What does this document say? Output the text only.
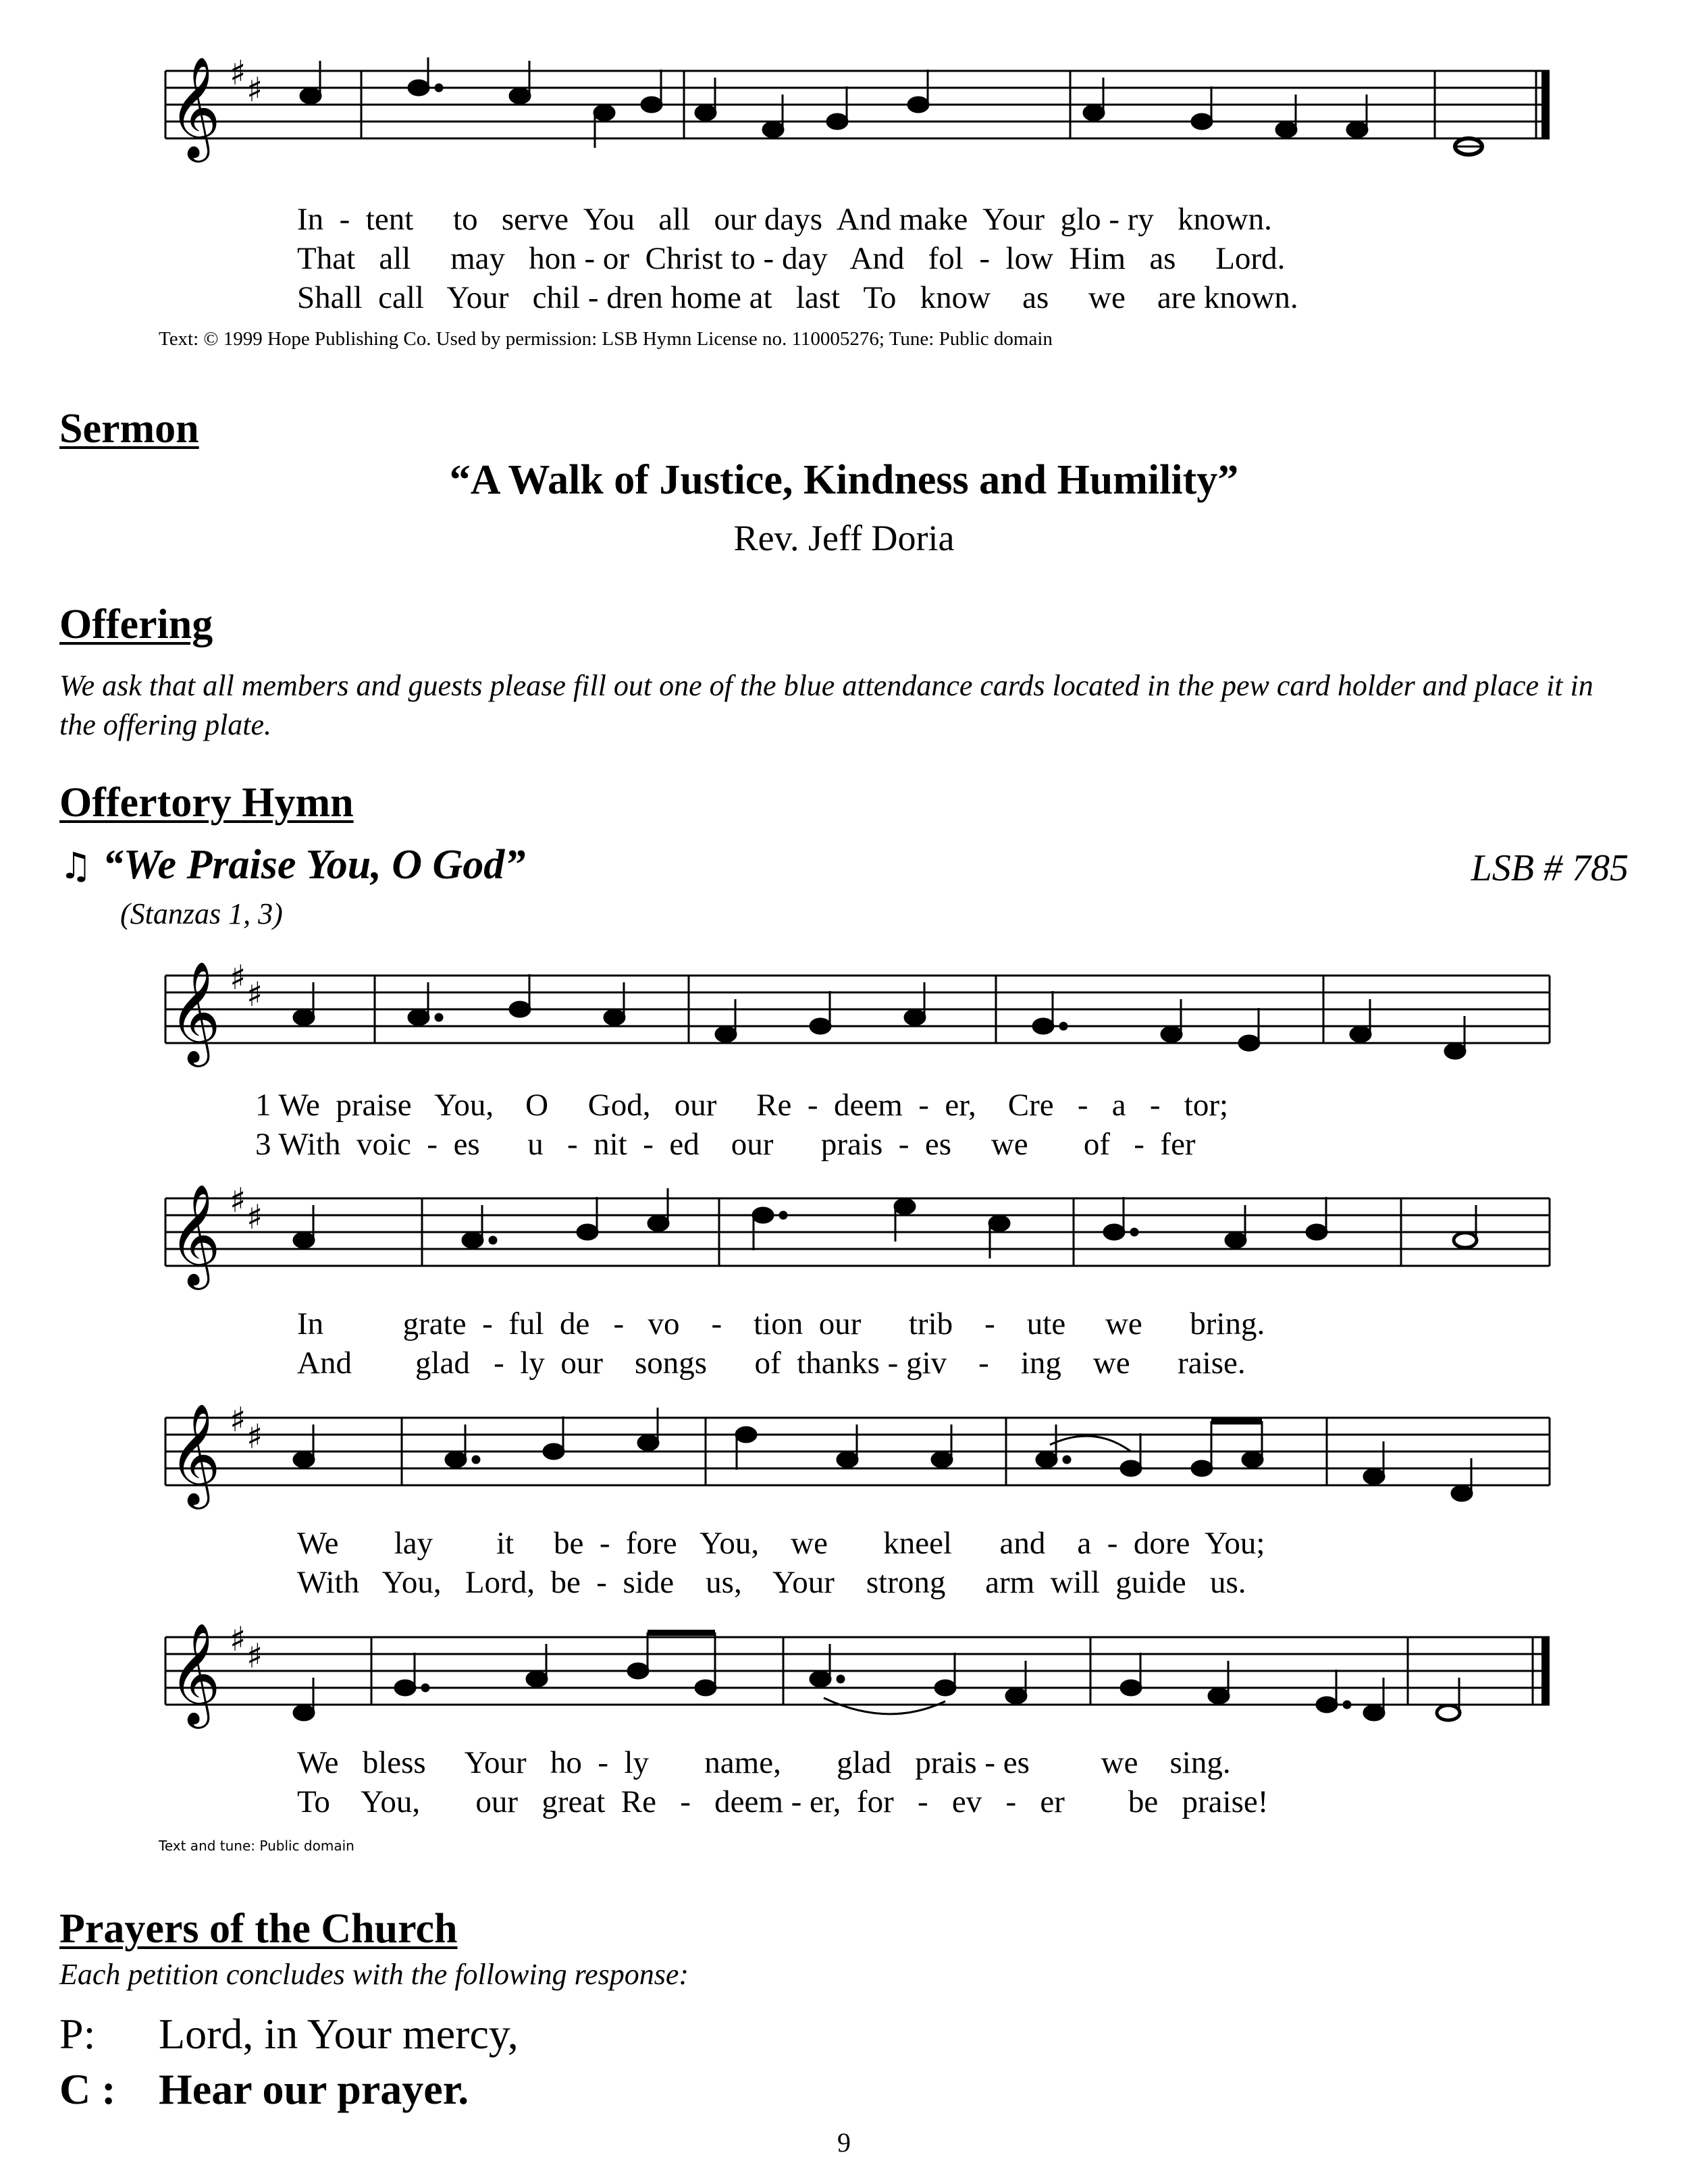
𝄞 ♯ ♯
In  -  tent     to   serve  You   all   our days  And make  Your  glo - ry   known.
That   all     may   hon - or  Christ to - day   And   fol  -  low  Him   as     Lord.
Shall  call   Your   chil - dren home at   last   To   know    as     we    are known.
Text: © 1999 Hope Publishing Co. Used by permission: LSB Hymn License no. 110005276; Tune: Public domain
Sermon
“A Walk of Justice, Kindness and Humility”
Rev. Jeff Doria
Offering
We ask that all members and guests please fill out one of the blue attendance cards located in the pew card holder and place it in the offering plate.
Offertory Hymn
♫ “We Praise You, O God”	LSB # 785
(Stanzas 1, 3)
𝄞 ♯ ♯
1 We  praise   You,    O     God,   our     Re  -  deem  -  er,    Cre   -   a   -   tor;
3 With  voic  -  es      u   -  nit  -  ed    our      prais  -  es     we       of   -  fer
𝄞 ♯ ♯
In          grate  -  ful  de   -   vo    -    tion  our      trib    -    ute     we      bring.
And        glad   -  ly  our    songs      of  thanks - giv    -    ing    we      raise.
𝄞 ♯ ♯
We       lay        it     be  -  fore   You,    we       kneel      and    a  -  dore  You;
With   You,   Lord,  be  -  side    us,    Your    strong     arm  will  guide   us.
𝄞 ♯ ♯
We   bless     Your   ho  -  ly       name,       glad   prais - es         we    sing.
To    You,       our   great  Re   -   deem - er,  for   -   ev   -   er        be   praise!
Text and tune: Public domain
Prayers of the Church
Each petition concludes with the following response:
P: Lord, in Your mercy,
C : Hear our prayer.
9
